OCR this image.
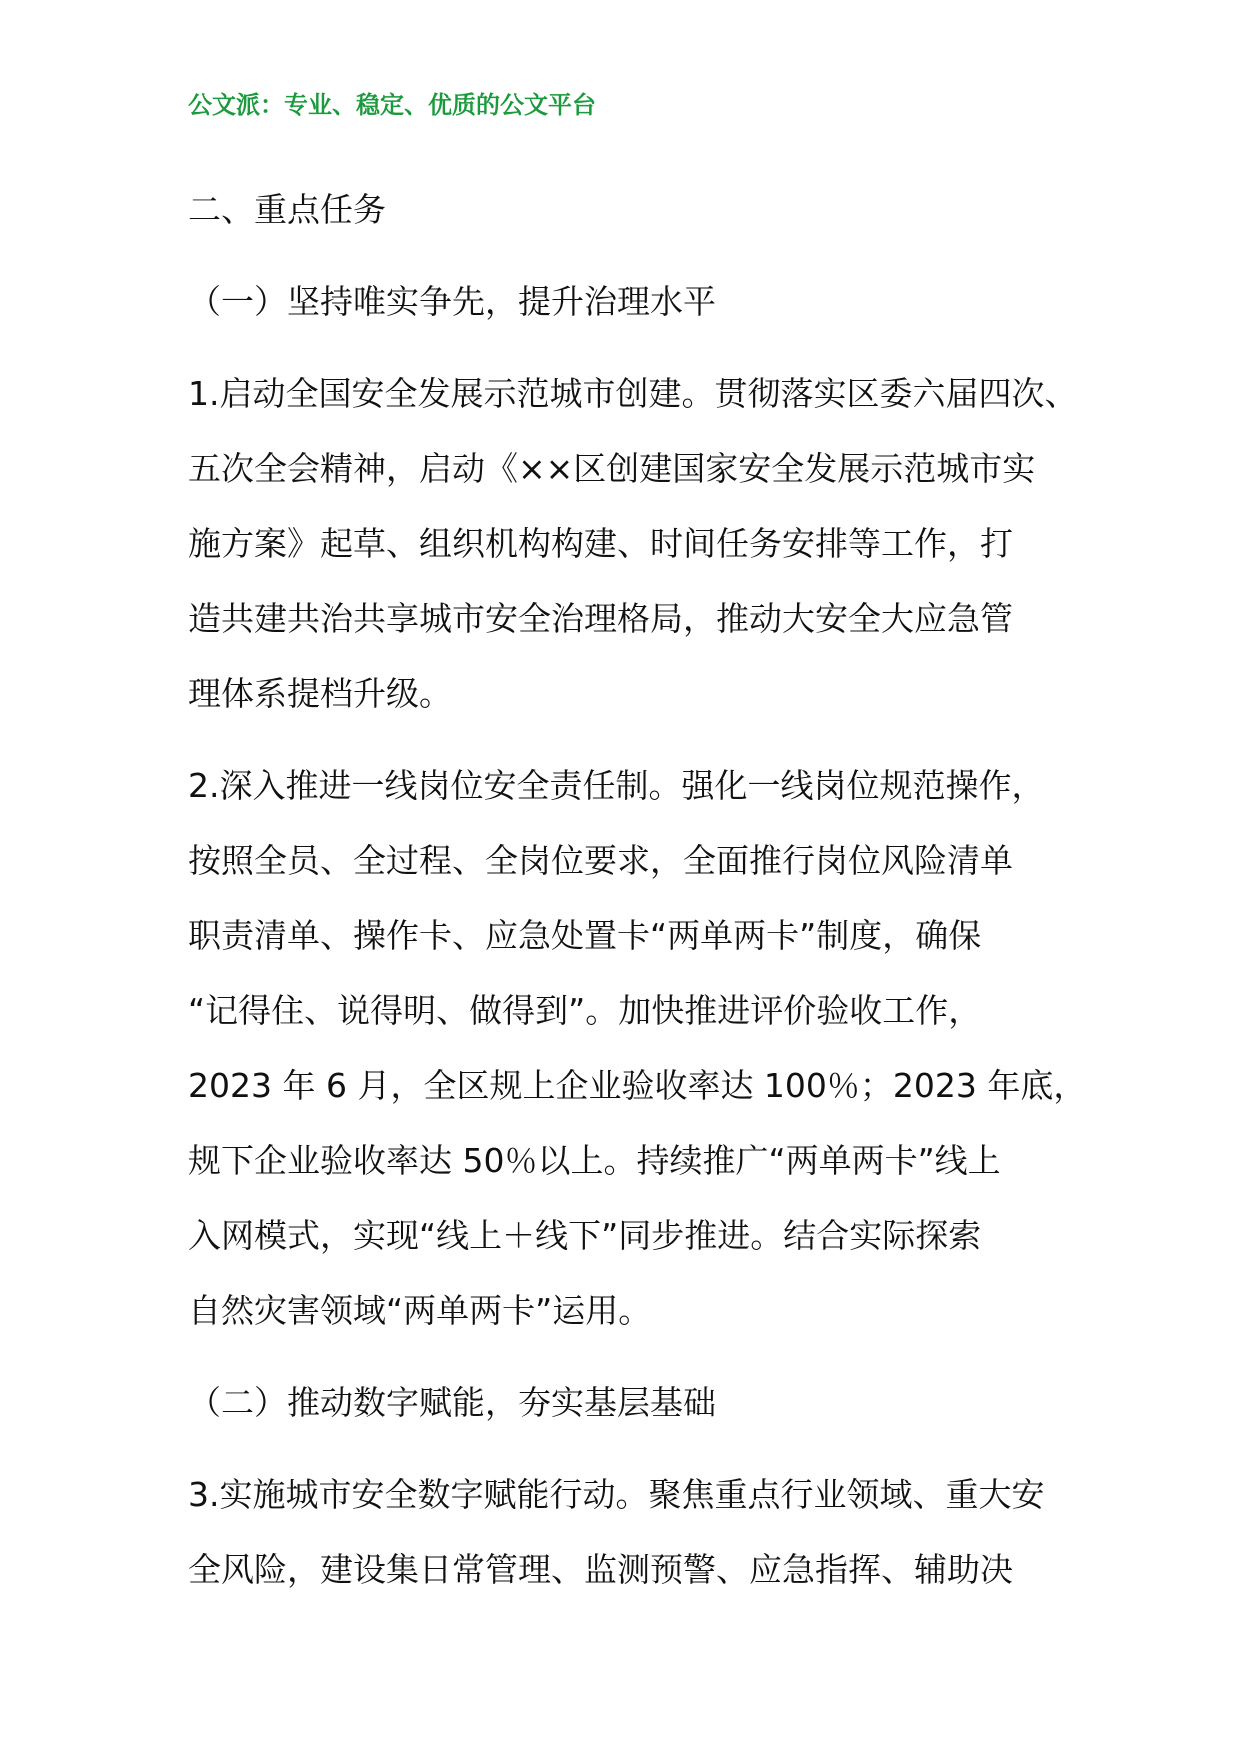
公文派：专业、稳定、优质的公文平台
二、重点任务
（一）坚持唯实争先，提升治理水平
1.启动全国安全发展示范城市创建。贯彻落实区委六届四次、
五次全会精神，启动《××区创建国家安全发展示范城市实
施方案》起草、组织机构构建、时间任务安排等工作，打
造共建共治共享城市安全治理格局，推动大安全大应急管
理体系提档升级。
2.深入推进一线岗位安全责任制。强化一线岗位规范操作，
按照全员、全过程、全岗位要求，全面推行岗位风险清单
职责清单、操作卡、应急处置卡“两单两卡”制度，确保
“记得住、说得明、做得到”。加快推进评价验收工作，
2023 年 6 月，全区规上企业验收率达 100％；2023 年底，
规下企业验收率达 50％以上。持续推广“两单两卡”线上
入网模式，实现“线上＋线下”同步推进。结合实际探索
自然灾害领域“两单两卡”运用。
（二）推动数字赋能，夯实基层基础
3.实施城市安全数字赋能行动。聚焦重点行业领域、重大安
全风险，建设集日常管理、监测预警、应急指挥、辅助决
